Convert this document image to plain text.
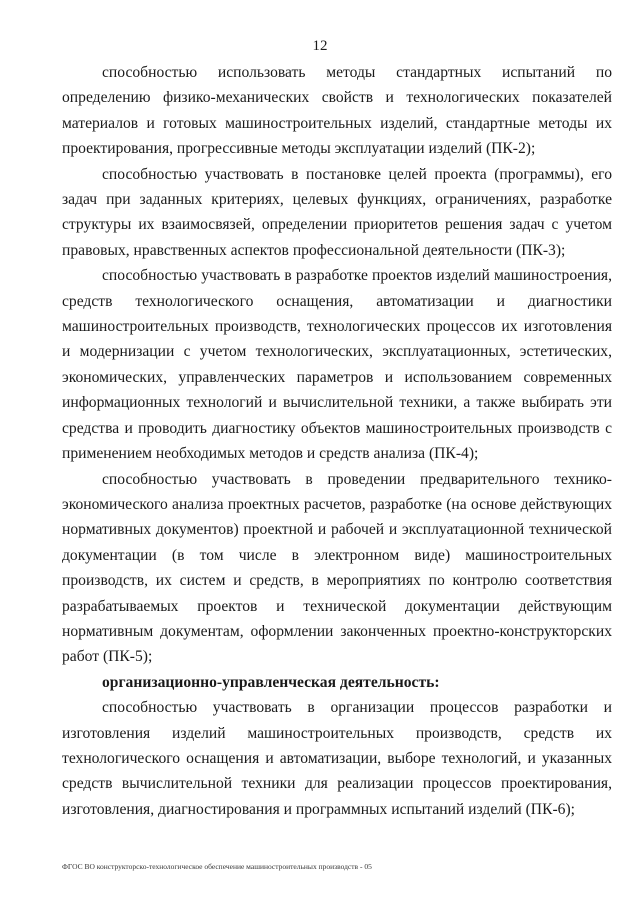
12

способностью использовать методы стандартных испытаний по определению физико-механических свойств и технологических показателей материалов и готовых машиностроительных изделий, стандартные методы их проектирования, прогрессивные методы эксплуатации изделий (ПК-2);

способностью участвовать в постановке целей проекта (программы), его задач при заданных критериях, целевых функциях, ограничениях, разработке структуры их взаимосвязей, определении приоритетов решения задач с учетом правовых, нравственных аспектов профессиональной деятельности (ПК-3);

способностью участвовать в разработке проектов изделий машиностроения, средств технологического оснащения, автоматизации и диагностики машиностроительных производств, технологических процессов их изготовления и модернизации с учетом технологических, эксплуатационных, эстетических, экономических, управленческих параметров и использованием современных информационных технологий и вычислительной техники, а также выбирать эти средства и проводить диагностику объектов машиностроительных производств с применением необходимых методов и средств анализа (ПК-4);

способностью участвовать в проведении предварительного технико-экономического анализа проектных расчетов, разработке (на основе действующих нормативных документов) проектной и рабочей и эксплуатационной технической документации (в том числе в электронном виде) машиностроительных производств, их систем и средств, в мероприятиях по контролю соответствия разрабатываемых проектов и технической документации действующим нормативным документам, оформлении законченных проектно-конструкторских работ (ПК-5);

организационно-управленческая деятельность:

способностью участвовать в организации процессов разработки и изготовления изделий машиностроительных производств, средств их технологического оснащения и автоматизации, выборе технологий, и указанных средств вычислительной техники для реализации процессов проектирования, изготовления, диагностирования и программных испытаний изделий (ПК-6);

ФГОС ВО конструкторско-технологическое обеспечение машиностроительных производств - 05
